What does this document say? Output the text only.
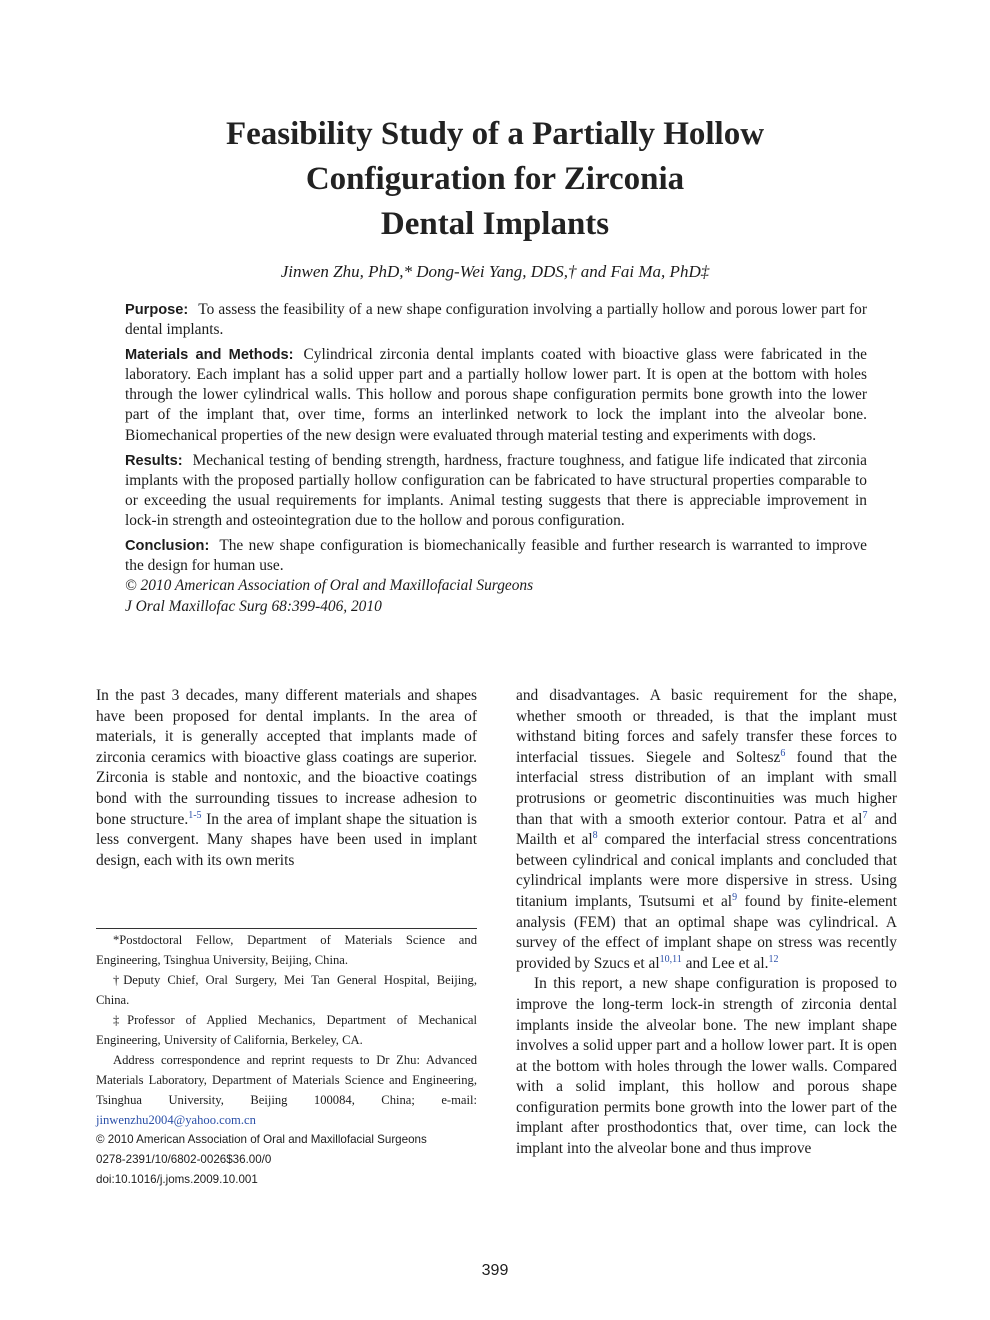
Feasibility Study of a Partially Hollow
Configuration for Zirconia
Dental Implants
Jinwen Zhu, PhD,* Dong-Wei Yang, DDS,† and Fai Ma, PhD‡

Purpose: To assess the feasibility of a new shape configuration involving a partially hollow and porous lower part for dental implants.

Materials and Methods: Cylindrical zirconia dental implants coated with bioactive glass were fabricated in the laboratory. Each implant has a solid upper part and a partially hollow lower part. It is open at the bottom with holes through the lower cylindrical walls. This hollow and porous shape configuration permits bone growth into the lower part of the implant that, over time, forms an interlinked network to lock the implant into the alveolar bone. Biomechanical properties of the new design were evaluated through material testing and experiments with dogs.

Results: Mechanical testing of bending strength, hardness, fracture toughness, and fatigue life indicated that zirconia implants with the proposed partially hollow configuration can be fabricated to have structural properties comparable to or exceeding the usual requirements for implants. Animal testing suggests that there is appreciable improvement in lock-in strength and osteointegration due to the hollow and porous configuration.

Conclusion: The new shape configuration is biomechanically feasible and further research is warranted to improve the design for human use.

© 2010 American Association of Oral and Maxillofacial Surgeons

J Oral Maxillofac Surg 68:399-406, 2010

In the past 3 decades, many different materials and shapes have been proposed for dental implants. In the area of materials, it is generally accepted that implants made of zirconia ceramics with bioactive glass coatings are superior. Zirconia is stable and nontoxic, and the bioactive coatings bond with the surrounding tissues to increase adhesion to bone structure.$^{1-5}$ In the area of implant shape the situation is less convergent. Many shapes have been used in implant design, each with its own merits

and disadvantages. A basic requirement for the shape, whether smooth or threaded, is that the implant must withstand biting forces and safely transfer these forces to interfacial tissues. Siegele and Soltesz$^6$ found that the interfacial stress distribution of an implant with small protrusions or geometric discontinuities was much higher than that with a smooth exterior contour. Patra et $al^7$ and Mailth et $al^8$ compared the interfacial stress concentrations between cylindrical and conical implants and concluded that cylindrical implants were more dispersive in stress. Using titanium implants, Tsutsumi et $al^9$ found by finite-element analysis (FEM) that an optimal shape was cylindrical. A survey of the effect of implant shape on stress was recently provided by Szucs et al$^{10,11}$ and Lee et al.$^{12}$

In this report, a new shape configuration is proposed to improve the long-term lock-in strength of zirconia dental implants inside the alveolar bone. The new implant shape involves a solid upper part and a hollow lower part. It is open at the bottom with holes through the lower walls. Compared with a solid implant, this hollow and porous shape configuration permits bone growth into the lower part of the implant after prosthodontics that, over time, can lock the implant into the alveolar bone and thus improve

*Postdoctoral Fellow, Department of Materials Science and Engineering, Tsinghua University, Beijing, China.

†Deputy Chief, Oral Surgery, Mei Tan General Hospital, Beijing, China.

‡Professor of Applied Mechanics, Department of Mechanical Engineering, University of California, Berkeley, CA.

Address correspondence and reprint requests to Dr Zhu: Advanced Materials Laboratory, Department of Materials Science and Engineering, Tsinghua University, Beijing 100084, China; e-mail: jinwenzhu2004@yahoo.com.cn

© 2010 American Association of Oral and Maxillofacial Surgeons

0278-2391/10/6802-0026$36.00/0

doi:10.1016/j.joms.2009.10.001

399
